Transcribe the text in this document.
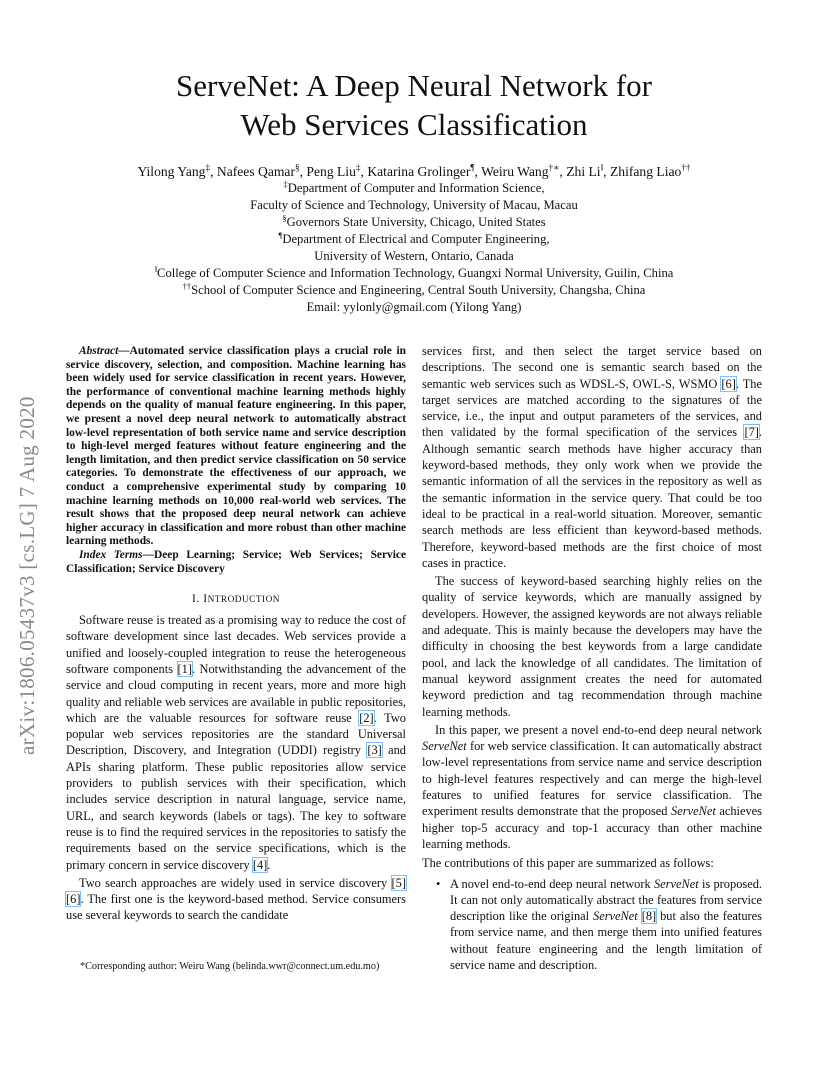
ServeNet: A Deep Neural Network for
Web Services Classification
Yilong Yang‡, Nafees Qamar§, Peng Liu‡, Katarina Grolinger¶, Weiru Wang†∗, Zhi Li‖, Zhifang Liao††
‡Department of Computer and Information Science,
Faculty of Science and Technology, University of Macau, Macau
§Governors State University, Chicago, United States
¶Department of Electrical and Computer Engineering,
University of Western, Ontario, Canada
‖College of Computer Science and Information Technology, Guangxi Normal University, Guilin, China
††School of Computer Science and Engineering, Central South University, Changsha, China
Email: yylonly@gmail.com (Yilong Yang)
arXiv:1806.05437v3 [cs.LG] 7 Aug 2020

Abstract—Automated service classification plays a crucial role in service discovery, selection, and composition. Machine learning has been widely used for service classification in recent years. However, the performance of conventional machine learning methods highly depends on the quality of manual feature engineering. In this paper, we present a novel deep neural network to automatically abstract low-level representation of both service name and service description to high-level merged features without feature engineering and the length limitation, and then predict service classification on 50 service categories. To demonstrate the effectiveness of our approach, we conduct a comprehensive experimental study by comparing 10 machine learning methods on 10,000 real-world web services. The result shows that the proposed deep neural network can achieve higher accuracy in classification and more robust than other machine learning methods.

Index Terms—Deep Learning; Service; Web Services; Service Classification; Service Discovery

I. INTRODUCTION

Software reuse is treated as a promising way to reduce the cost of software development since last decades. Web services provide a unified and loosely-coupled integration to reuse the heterogeneous software components [1]. Notwithstanding the advancement of the service and cloud computing in recent years, more and more high quality and reliable web services are available in public repositories, which are the valuable resources for software reuse [2]. Two popular web services repositories are the standard Universal Description, Discovery, and Integration (UDDI) registry [3] and APIs sharing platform. These public repositories allow service providers to publish services with their specification, which includes service description in natural language, service name, URL, and search keywords (labels or tags). The key to software reuse is to find the required services in the repositories to satisfy the requirements based on the service specifications, which is the primary concern in service discovery [4].

Two search approaches are widely used in service discovery [5] [6]. The first one is the keyword-based method. Service consumers use several keywords to search the candidate

*Corresponding author: Weiru Wang (belinda.wwr@connect.um.edu.mo)

services first, and then select the target service based on descriptions. The second one is semantic search based on the semantic web services such as WDSL-S, OWL-S, WSMO [6]. The target services are matched according to the signatures of the service, i.e., the input and output parameters of the services, and then validated by the formal specification of the services [7]. Although semantic search methods have higher accuracy than keyword-based methods, they only work when we provide the semantic information of all the services in the repository as well as the semantic information in the service query. That could be too ideal to be practical in a real-world situation. Moreover, semantic search methods are less efficient than keyword-based methods. Therefore, keyword-based methods are the first choice of most cases in practice.

The success of keyword-based searching highly relies on the quality of service keywords, which are manually assigned by developers. However, the assigned keywords are not always reliable and adequate. This is mainly because the developers may have the difficulty in choosing the best keywords from a large candidate pool, and lack the knowledge of all candidates. The limitation of manual keyword assignment creates the need for automated keyword prediction and tag recommendation through machine learning methods.

In this paper, we present a novel end-to-end deep neural network ServeNet for web service classification. It can automatically abstract low-level representations from service name and service description to high-level features respectively and can merge the high-level features to unified features for service classification. The experiment results demonstrate that the proposed ServeNet achieves higher top-5 accuracy and top-1 accuracy than other machine learning methods.

The contributions of this paper are summarized as follows:

• A novel end-to-end deep neural network ServeNet is proposed. It can not only automatically abstract the features from service description like the original ServeNet [8] but also the features from service name, and then merge them into unified features without feature engineering and the length limitation of service name and description.
